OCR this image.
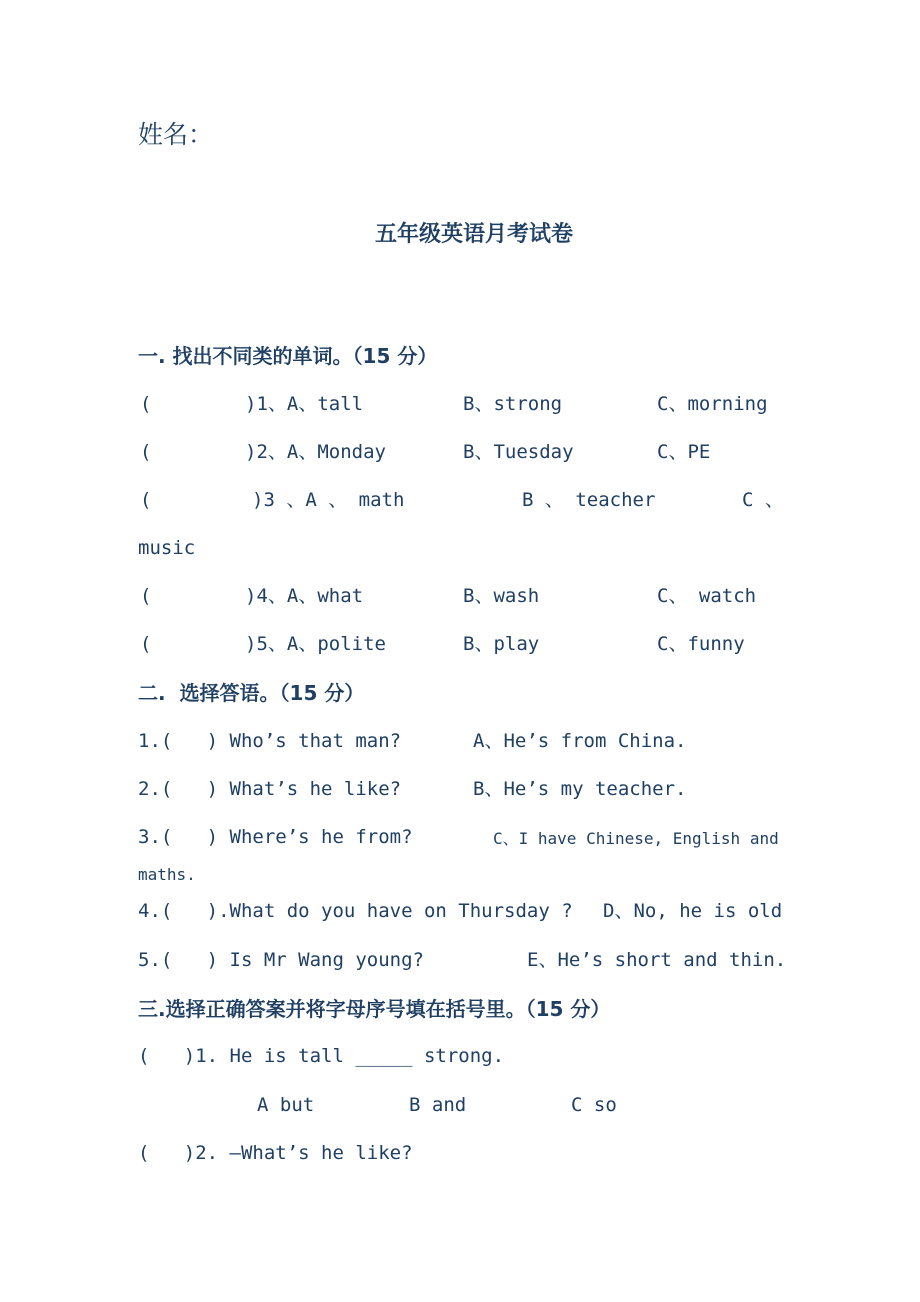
姓名：
五年级英语月考试卷
一. 找出不同类的单词。（15 分）
(	)1、A、tall	B、strong	C、morning
(	)2、A、Monday	B、Tuesday	C、PE
(	)3 、A 、 math	B 、 teacher	C 、
music
(	)4、A、what	B、wash	C、 watch
(	)5、A、polite	B、play	C、funny
二.  选择答语。（15 分）
1.(   ) Who’s that man?	A、He’s from China.
2.(   ) What’s he like?	B、He’s my teacher.
3.(   ) Where’s he from?	C、I have Chinese, English and
maths.
4.(   ).What do you have on Thursday ? D、No, he is old
5.(   ) Is Mr Wang young?	E、He’s short and thin.
三.选择正确答案并将字母序号填在括号里。（15 分）
(   )1. He is tall _____ strong.
A but	B and	C so
(   )2. —What’s he like?
